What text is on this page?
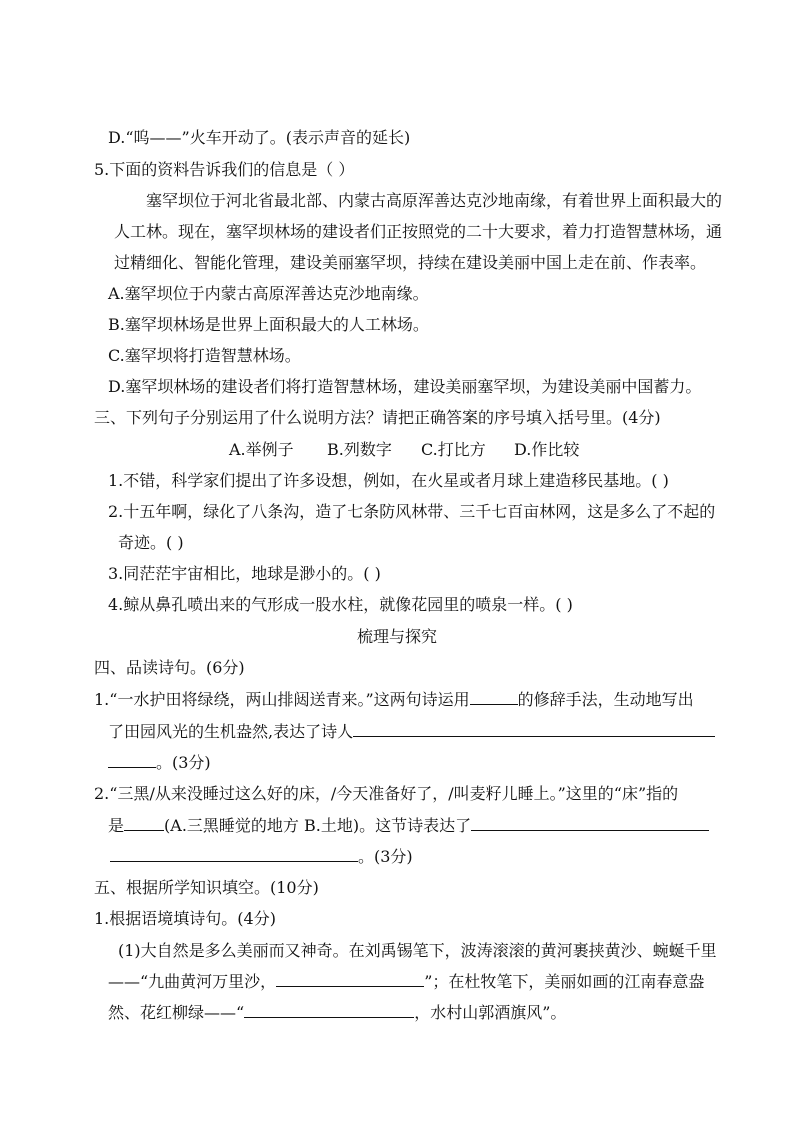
D.“呜——”火车开动了。(表示声音的延长)
5.下面的资料告诉我们的信息是（ ）
塞罕坝位于河北省最北部、内蒙古高原浑善达克沙地南缘，有着世界上面积最大的
人工林。现在，塞罕坝林场的建设者们正按照党的二十大要求，着力打造智慧林场，通
过精细化、智能化管理，建设美丽塞罕坝，持续在建设美丽中国上走在前、作表率。
A.塞罕坝位于内蒙古高原浑善达克沙地南缘。
B.塞罕坝林场是世界上面积最大的人工林场。
C.塞罕坝将打造智慧林场。
D.塞罕坝林场的建设者们将打造智慧林场，建设美丽塞罕坝，为建设美丽中国蓄力。
三、下列句子分别运用了什么说明方法？请把正确答案的序号填入括号里。(4分)
A.举例子 B.列数字 C.打比方 D.作比较
1.不错，科学家们提出了许多设想，例如，在火星或者月球上建造移民基地。( )
2.十五年啊，绿化了八条沟，造了七条防风林带、三千七百亩林网，这是多么了不起的
奇迹。( )
3.同茫茫宇宙相比，地球是渺小的。( )
4.鲸从鼻孔喷出来的气形成一股水柱，就像花园里的喷泉一样。( )
梳理与探究
四、品读诗句。(6分)
1.“一水护田将绿绕，两山排闼送青来。”这两句诗运用	的修辞手法，生动地写出
了田园风光的生机盎然,表达了诗人
。(3分)
2.“三黑/从来没睡过这么好的床，/今天准备好了，/叫麦籽儿睡上。”这里的“床”指的
是	(A.三黑睡觉的地方 B.土地)。这节诗表达了
。(3分)
五、根据所学知识填空。(10分)
1.根据语境填诗句。(4分)
(1)大自然是多么美丽而又神奇。在刘禹锡笔下，波涛滚滚的黄河裹挟黄沙、蜿蜒千里
——“九曲黄河万里沙，	”；在杜牧笔下，美丽如画的江南春意盎
然、花红柳绿——“	，水村山郭酒旗风”。
